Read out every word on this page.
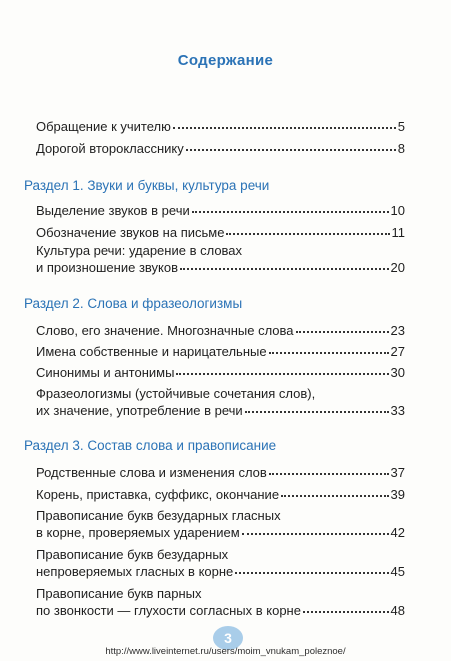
Содержание
Обращение к учителю	5
Дорогой второкласснику	8
Раздел 1. Звуки и буквы, культура речи
Выделение звуков в речи	10
Обозначение звуков на письме	11
Культура речи: ударение в словах
и произношение звуков	20
Раздел 2. Слова и фразеологизмы
Слово, его значение. Многозначные слова	23
Имена собственные и нарицательные	27
Синонимы и антонимы	30
Фразеологизмы (устойчивые сочетания слов),
их значение, употребление в речи	33
Раздел 3. Состав слова и правописание
Родственные слова и изменения слов	37
Корень, приставка, суффикс, окончание	39
Правописание букв безударных гласных
в корне, проверяемых ударением	42
Правописание букв безударных
непроверяемых гласных в корне	45
Правописание букв парных
по звонкости — глухости согласных в корне	48
3
http://www.liveinternet.ru/users/moim_vnukam_poleznoe/
